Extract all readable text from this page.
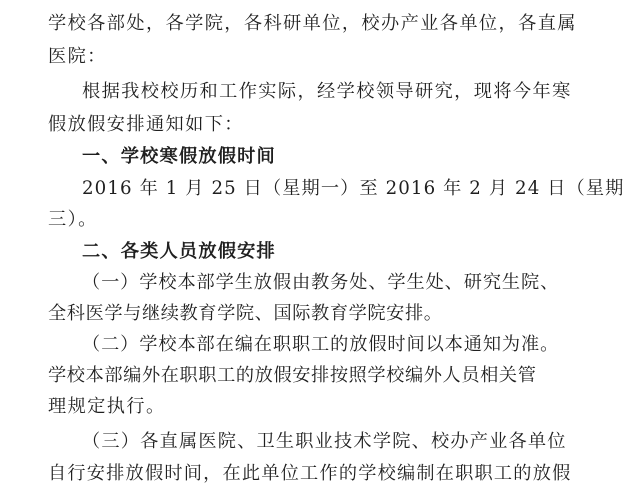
学校各部处，各学院，各科研单位，校办产业各单位，各直属
医院：
根据我校校历和工作实际，经学校领导研究，现将今年寒
假放假安排通知如下：
一、学校寒假放假时间
2016 年 1 月 25 日（星期一）至 2016 年 2 月 24 日（星期
三）。
二、各类人员放假安排
（一）学校本部学生放假由教务处、学生处、研究生院、
全科医学与继续教育学院、国际教育学院安排。
（二）学校本部在编在职职工的放假时间以本通知为准。
学校本部编外在职职工的放假安排按照学校编外人员相关管
理规定执行。
（三）各直属医院、卫生职业技术学院、校办产业各单位
自行安排放假时间，在此单位工作的学校编制在职职工的放假
